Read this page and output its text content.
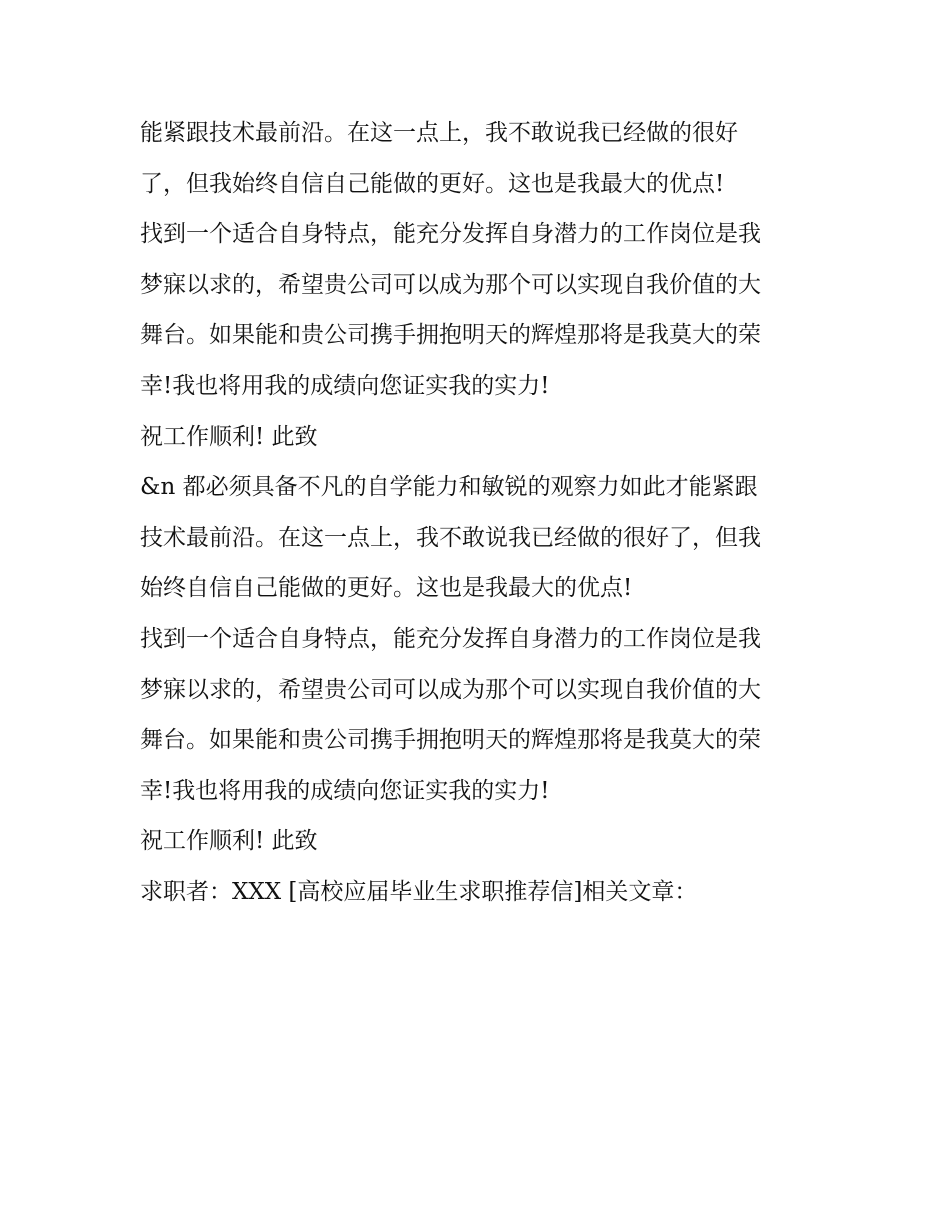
能紧跟技术最前沿。在这一点上，我不敢说我已经做的很好
了，但我始终自信自己能做的更好。这也是我最大的优点!
找到一个适合自身特点，能充分发挥自身潜力的工作岗位是我
梦寐以求的，希望贵公司可以成为那个可以实现自我价值的大
舞台。如果能和贵公司携手拥抱明天的辉煌那将是我莫大的荣
幸!我也将用我的成绩向您证实我的实力!
祝工作顺利! 此致
&n 都必须具备不凡的自学能力和敏锐的观察力如此才能紧跟
技术最前沿。在这一点上，我不敢说我已经做的很好了，但我
始终自信自己能做的更好。这也是我最大的优点!
找到一个适合自身特点，能充分发挥自身潜力的工作岗位是我
梦寐以求的，希望贵公司可以成为那个可以实现自我价值的大
舞台。如果能和贵公司携手拥抱明天的辉煌那将是我莫大的荣
幸!我也将用我的成绩向您证实我的实力!
祝工作顺利! 此致
求职者：XXX [高校应届毕业生求职推荐信]相关文章：
